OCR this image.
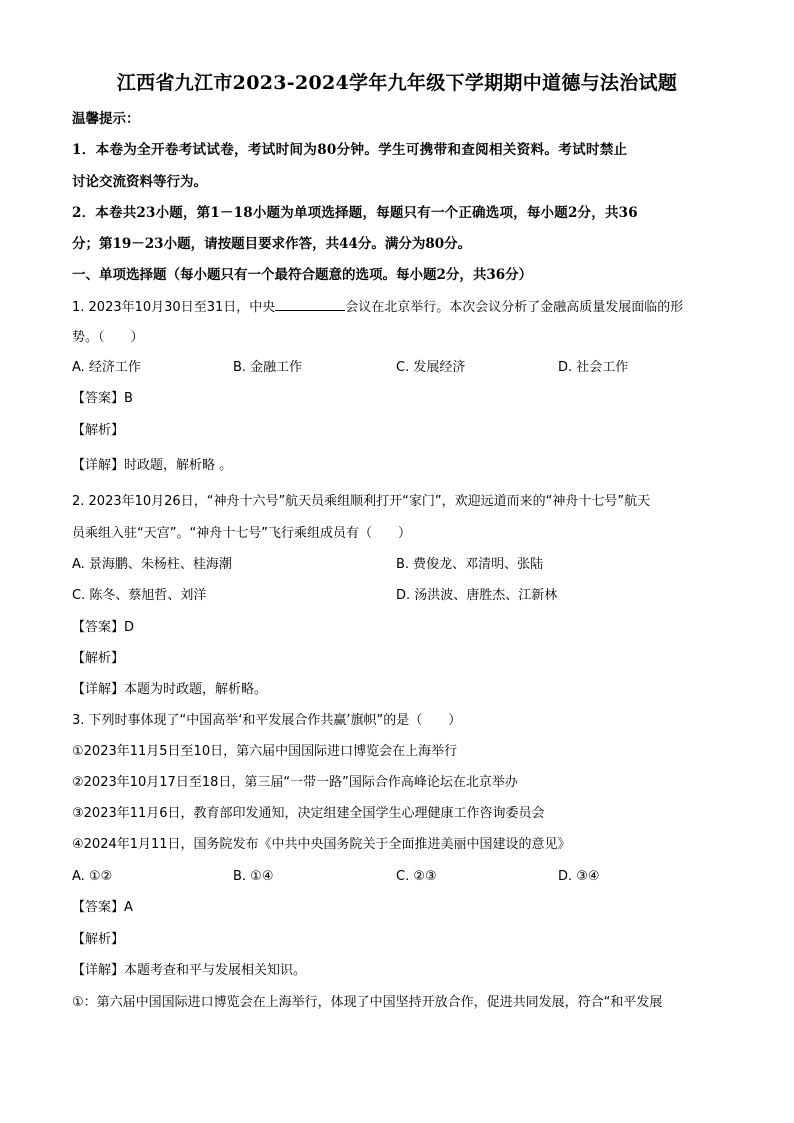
江西省九江市2023-2024学年九年级下学期期中道德与法治试题
温馨提示：
1．本卷为全开卷考试试卷，考试时间为80分钟。学生可携带和查阅相关资料。考试时禁止
讨论交流资料等行为。
2．本卷共23小题，第1－18小题为单项选择题，每题只有一个正确选项，每小题2分，共36
分；第19－23小题，请按题目要求作答，共44分。满分为80分。
一、单项选择题（每小题只有一个最符合题意的选项。每小题2分，共36分）
1. 2023年10月30日至31日，中央	会议在北京举行。本次会议分析了金融高质量发展面临的形
势。（　　）
A. 经济工作	B. 金融工作	C. 发展经济	D. 社会工作
【答案】B
【解析】
【详解】时政题，解析略 。
2. 2023年10月26日，“神舟十六号”航天员乘组顺利打开“家门”，欢迎远道而来的“神舟十七号”航天
员乘组入驻“天宫”。“神舟十七号”飞行乘组成员有（　　）
A. 景海鹏、朱杨柱、桂海潮	B. 费俊龙、邓清明、张陆
C. 陈冬、蔡旭哲、刘洋	D. 汤洪波、唐胜杰、江新林
【答案】D
【解析】
【详解】本题为时政题，解析略。
3. 下列时事体现了“中国高举‘和平发展合作共赢’旗帜”的是（　　）
①2023年11月5日至10日，第六届中国国际进口博览会在上海举行
②2023年10月17日至18日，第三届“一带一路”国际合作高峰论坛在北京举办
③2023年11月6日，教育部印发通知，决定组建全国学生心理健康工作咨询委员会
④2024年1月11日，国务院发布《中共中央国务院关于全面推进美丽中国建设的意见》
A. ①②	B. ①④	C. ②③	D. ③④
【答案】A
【解析】
【详解】本题考查和平与发展相关知识。
①：第六届中国国际进口博览会在上海举行，体现了中国坚持开放合作，促进共同发展，符合“和平发展
